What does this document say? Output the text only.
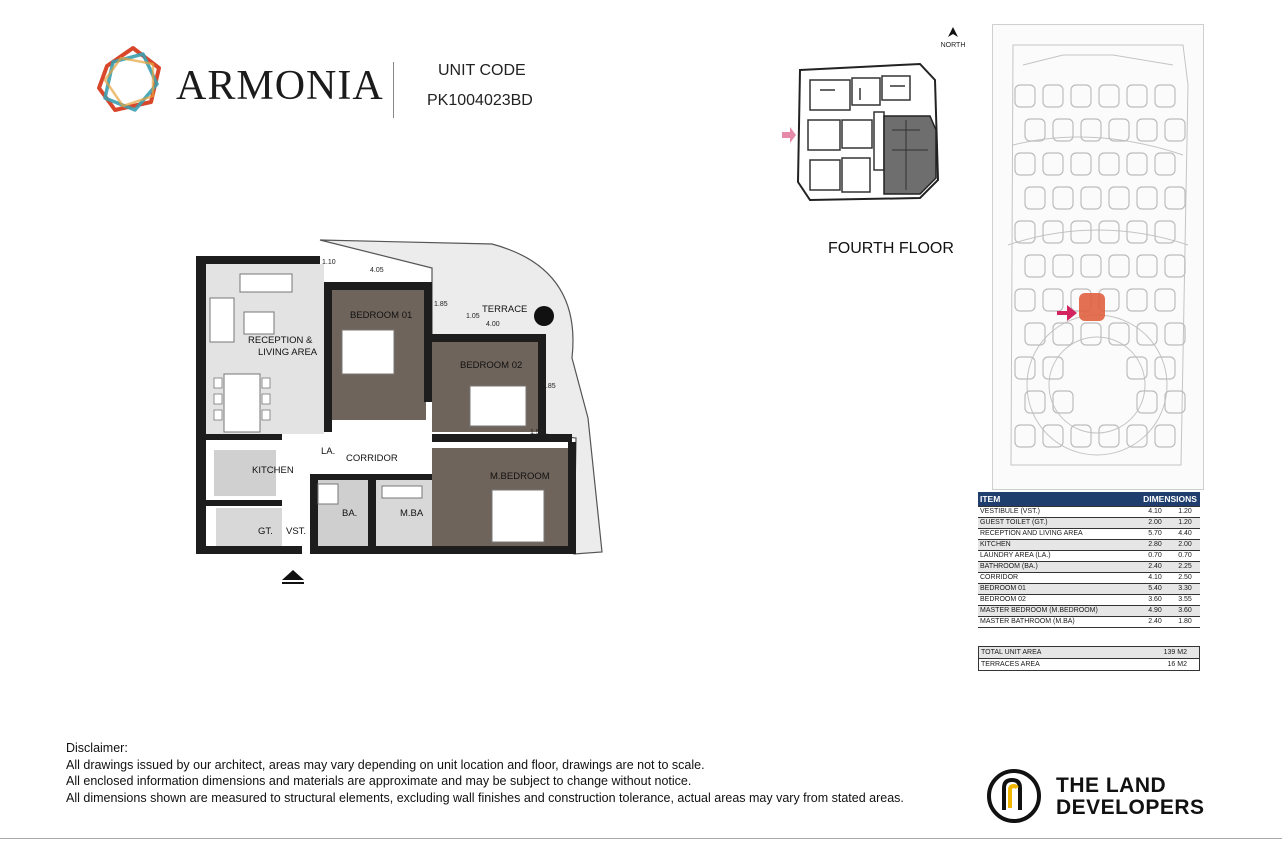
ARMONIA	UNIT CODE
PK1004023BD
NORTH
FOURTH FLOOR
RECEPTION &
LIVING AREA
BEDROOM 01
BEDROOM 02
TERRACE
CORRIDOR
KITCHEN
LA.
BA.	M.BA
M.BEDROOM
GT. VST.
1.10
4.05
1.85
1.05
4.00
3.85
1.50
ITEM	DIMENSIONS	
VESTIBULE (VST.)	4.10	1.20
GUEST TOILET (GT.)	2.00	1.20
RECEPTION AND LIVING AREA	5.70	4.40
KITCHEN	2.80	2.00
LAUNDRY AREA (LA.)	0.70	0.70
BATHROOM (BA.)	2.40	2.25
CORRIDOR	4.10	2.50
BEDROOM 01	5.40	3.30
BEDROOM 02	3.60	3.55
MASTER BEDROOM (M.BEDROOM)	4.90	3.60
MASTER BATHROOM (M.BA)	2.40	1.80
TOTAL UNIT AREA	139 M2
TERRACES AREA	16 M2
Disclaimer:
All drawings issued by our architect, areas may vary depending on unit location and floor, drawings are not to scale.
All enclosed information dimensions and materials are approximate and may be subject to change without notice.
All dimensions shown are measured to structural elements, excluding wall finishes and construction tolerance, actual areas may vary from stated areas.
THE LAND
DEVELOPERS
